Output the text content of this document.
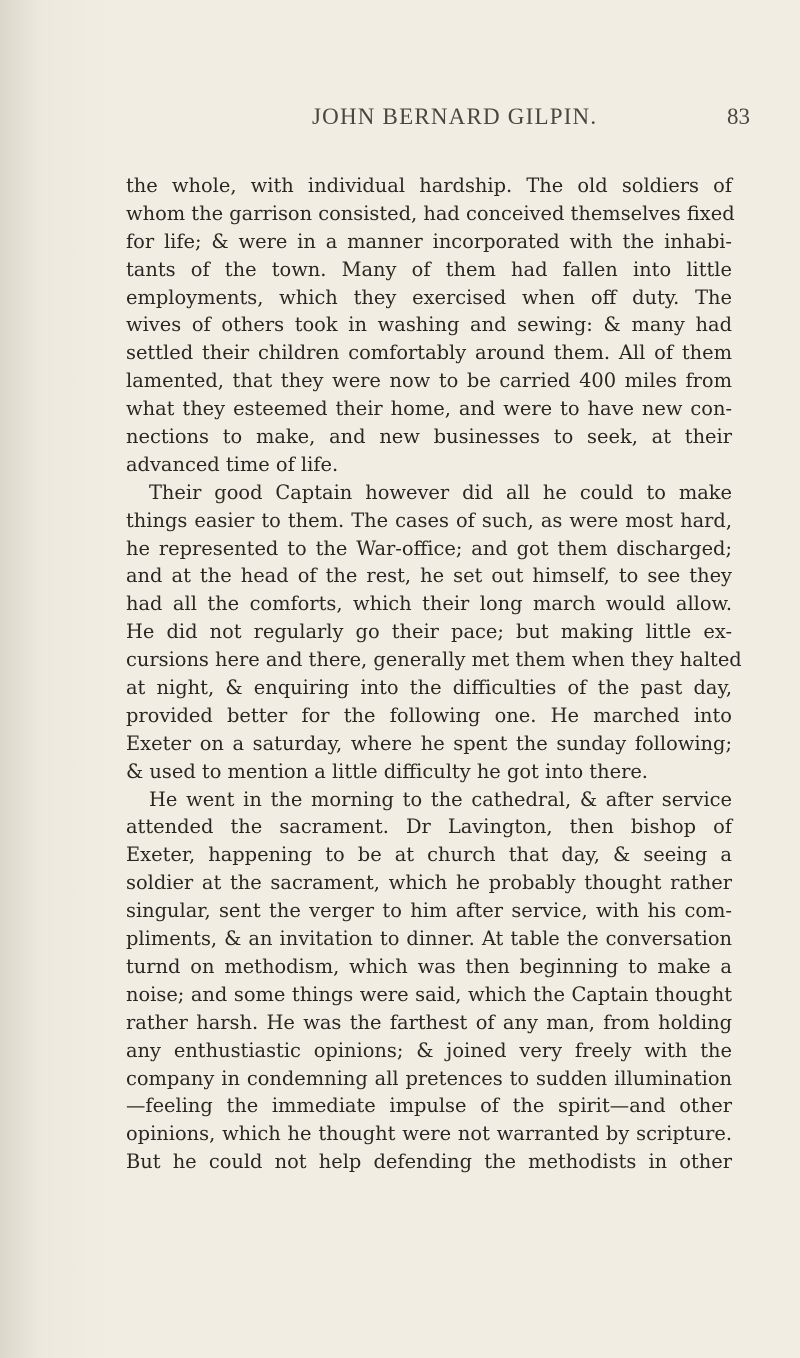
JOHN BERNARD GILPIN.	83
the whole, with individual hardship. The old soldiers of
whom the garrison consisted, had conceived themselves fixed
for life; & were in a manner incorporated with the inhabi-
tants of the town. Many of them had fallen into little
employments, which they exercised when off duty. The
wives of others took in washing and sewing: & many had
settled their children comfortably around them. All of them
lamented, that they were now to be carried 400 miles from
what they esteemed their home, and were to have new con-
nections to make, and new businesses to seek, at their
advanced time of life.
Their good Captain however did all he could to make
things easier to them. The cases of such, as were most hard,
he represented to the War-office; and got them discharged;
and at the head of the rest, he set out himself, to see they
had all the comforts, which their long march would allow.
He did not regularly go their pace; but making little ex-
cursions here and there, generally met them when they halted
at night, & enquiring into the difficulties of the past day,
provided better for the following one. He marched into
Exeter on a saturday, where he spent the sunday following;
& used to mention a little difficulty he got into there.
He went in the morning to the cathedral, & after service
attended the sacrament. Dr Lavington, then bishop of
Exeter, happening to be at church that day, & seeing a
soldier at the sacrament, which he probably thought rather
singular, sent the verger to him after service, with his com-
pliments, & an invitation to dinner. At table the conversation
turnd on methodism, which was then beginning to make a
noise; and some things were said, which the Captain thought
rather harsh. He was the farthest of any man, from holding
any enthustiastic opinions; & joined very freely with the
company in condemning all pretences to sudden illumination
—feeling the immediate impulse of the spirit—and other
opinions, which he thought were not warranted by scripture.
But he could not help defending the methodists in other
